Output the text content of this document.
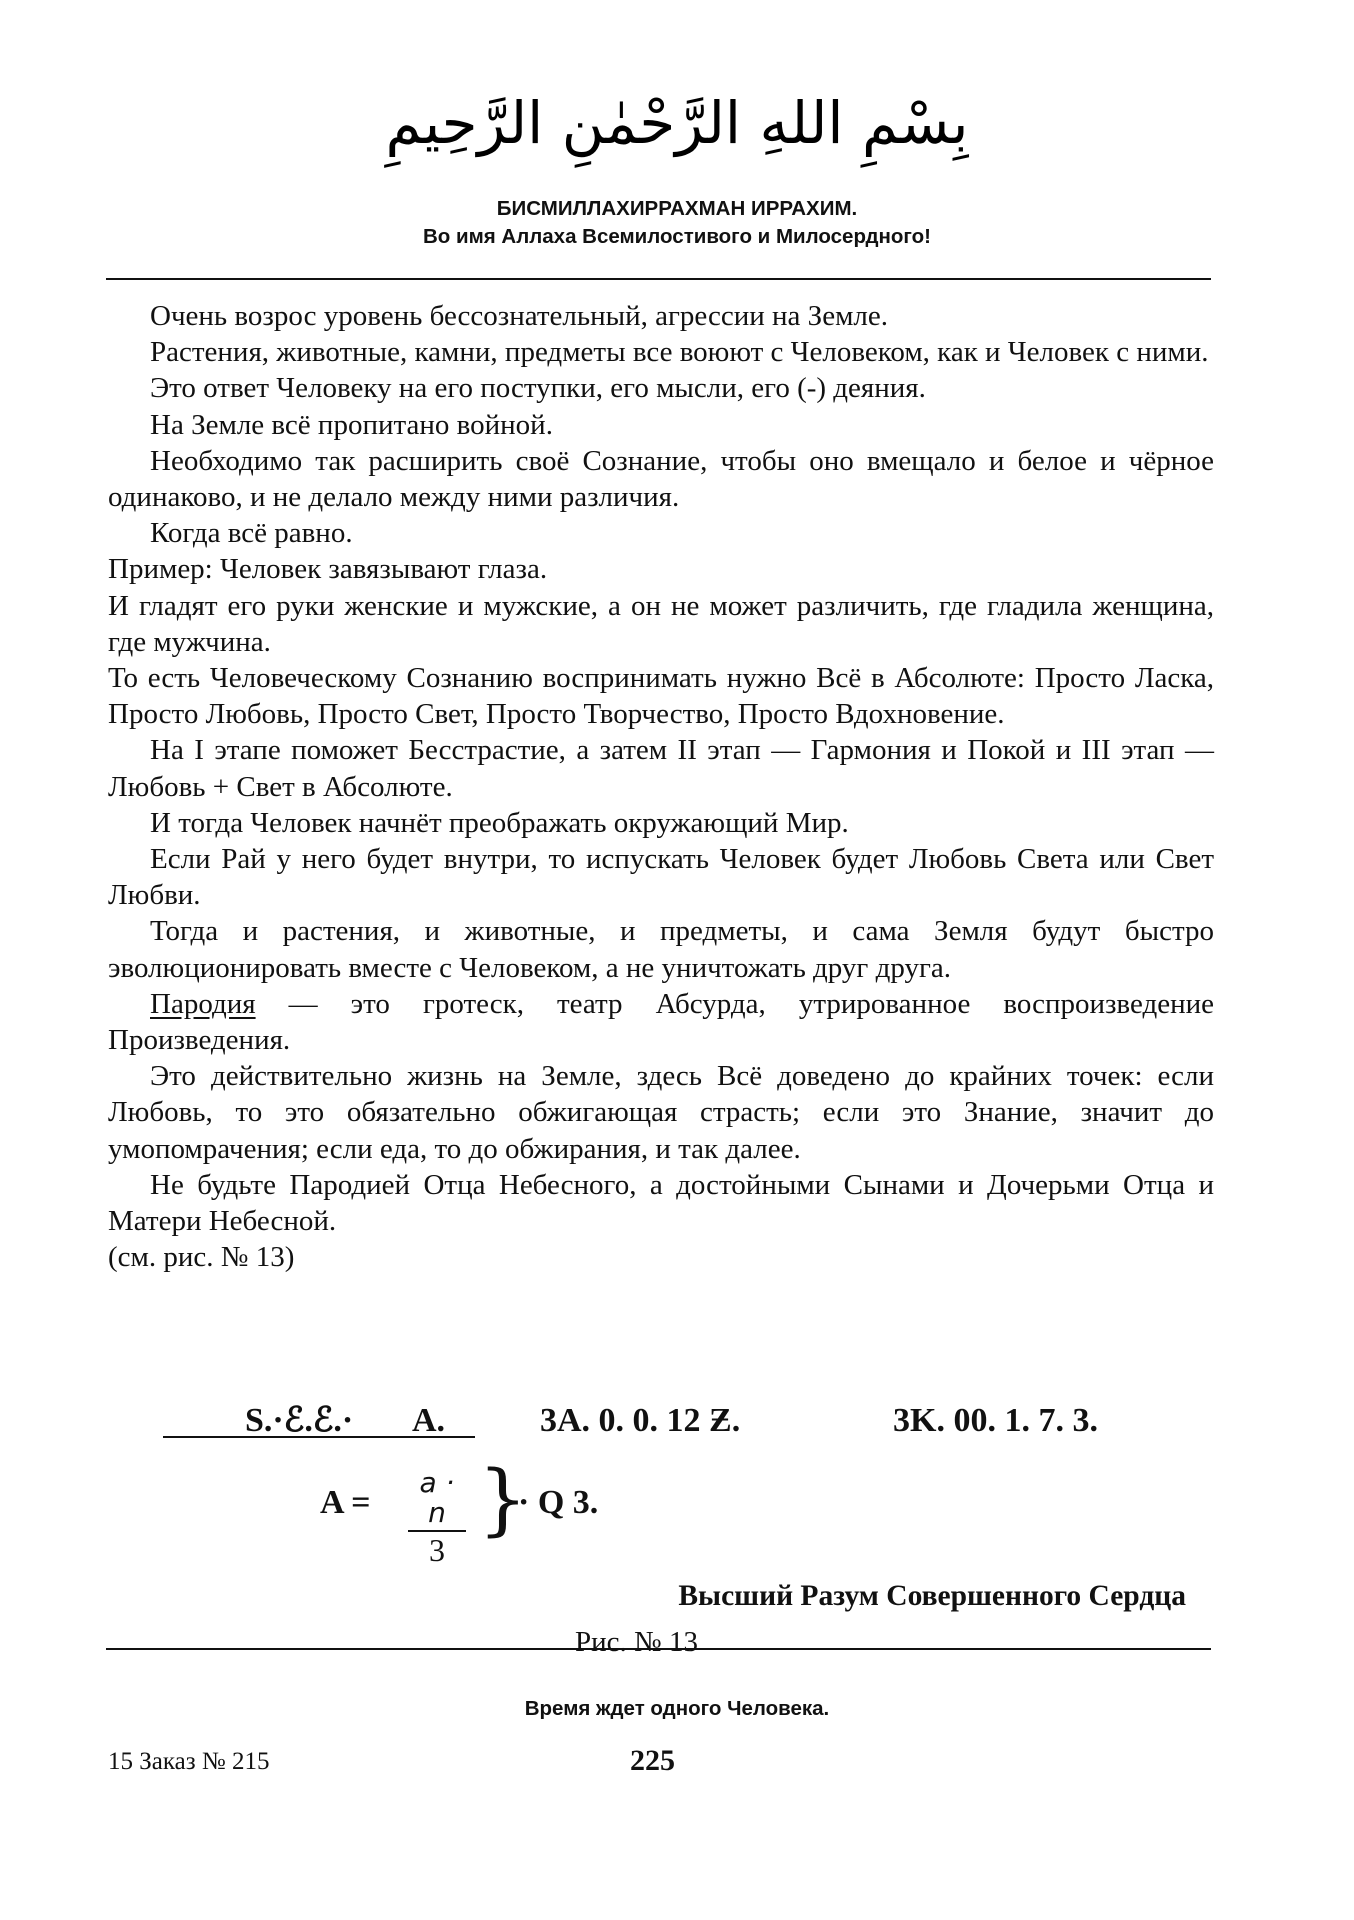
بِسْمِ اللهِ الرَّحْمٰنِ الرَّحِيمِ
БИСМИЛЛАХИРРАХМАН ИРРАХИМ.
Во имя Аллаха Всемилостивого и Милосердного!

Очень возрос уровень бессознательный, агрессии на Земле.

Растения, животные, камни, предметы все воюют с Человеком, как и Человек с ними.

Это ответ Человеку на его поступки, его мысли, его (-) деяния.

На Земле всё пропитано войной.

Необходимо так расширить своё Сознание, чтобы оно вмещало и белое и чёрное одинаково, и не делало между ними различия.

Когда всё равно.

Пример: Человек завязывают глаза.

И гладят его руки женские и мужские, а он не может различить, где гладила женщина, где мужчина.

То есть Человеческому Сознанию воспринимать нужно Всё в Абсолюте: Просто Ласка, Просто Любовь, Просто Свет, Просто Творчество, Просто Вдохновение.

На I этапе поможет Бесстрастие, а затем II этап — Гармония и Покой и III этап — Любовь + Свет в Абсолюте.

И тогда Человек начнёт преображать окружающий Мир.

Если Рай у него будет внутри, то испускать Человек будет Любовь Света или Свет Любви.

Тогда и растения, и животные, и предметы, и сама Земля будут быстро эволюционировать вместе с Человеком, а не уничтожать друг друга.

Пародия — это гротеск, театр Абсурда, утрированное воспроизведение Произведения.

Это действительно жизнь на Земле, здесь Всё доведено до крайних точек: если Любовь, то это обязательно обжигающая страсть; если это Знание, значит до умопомрачения; если еда, то до обжирания, и так далее.

Не будьте Пародией Отца Небесного, а достойными Сынами и Дочерьми Отца и Матери Небесной.

(см. рис. № 13)

S.·ℰ.ℰ.· A.	3A. 0. 0. 12 Ƶ.	3K. 00. 1. 7. 3.
A =
a · n
3
}
· Q 3.
Высший Разум Совершенного Сердца
Рис. № 13
Время ждет одного Человека.
15 Заказ № 215	225
